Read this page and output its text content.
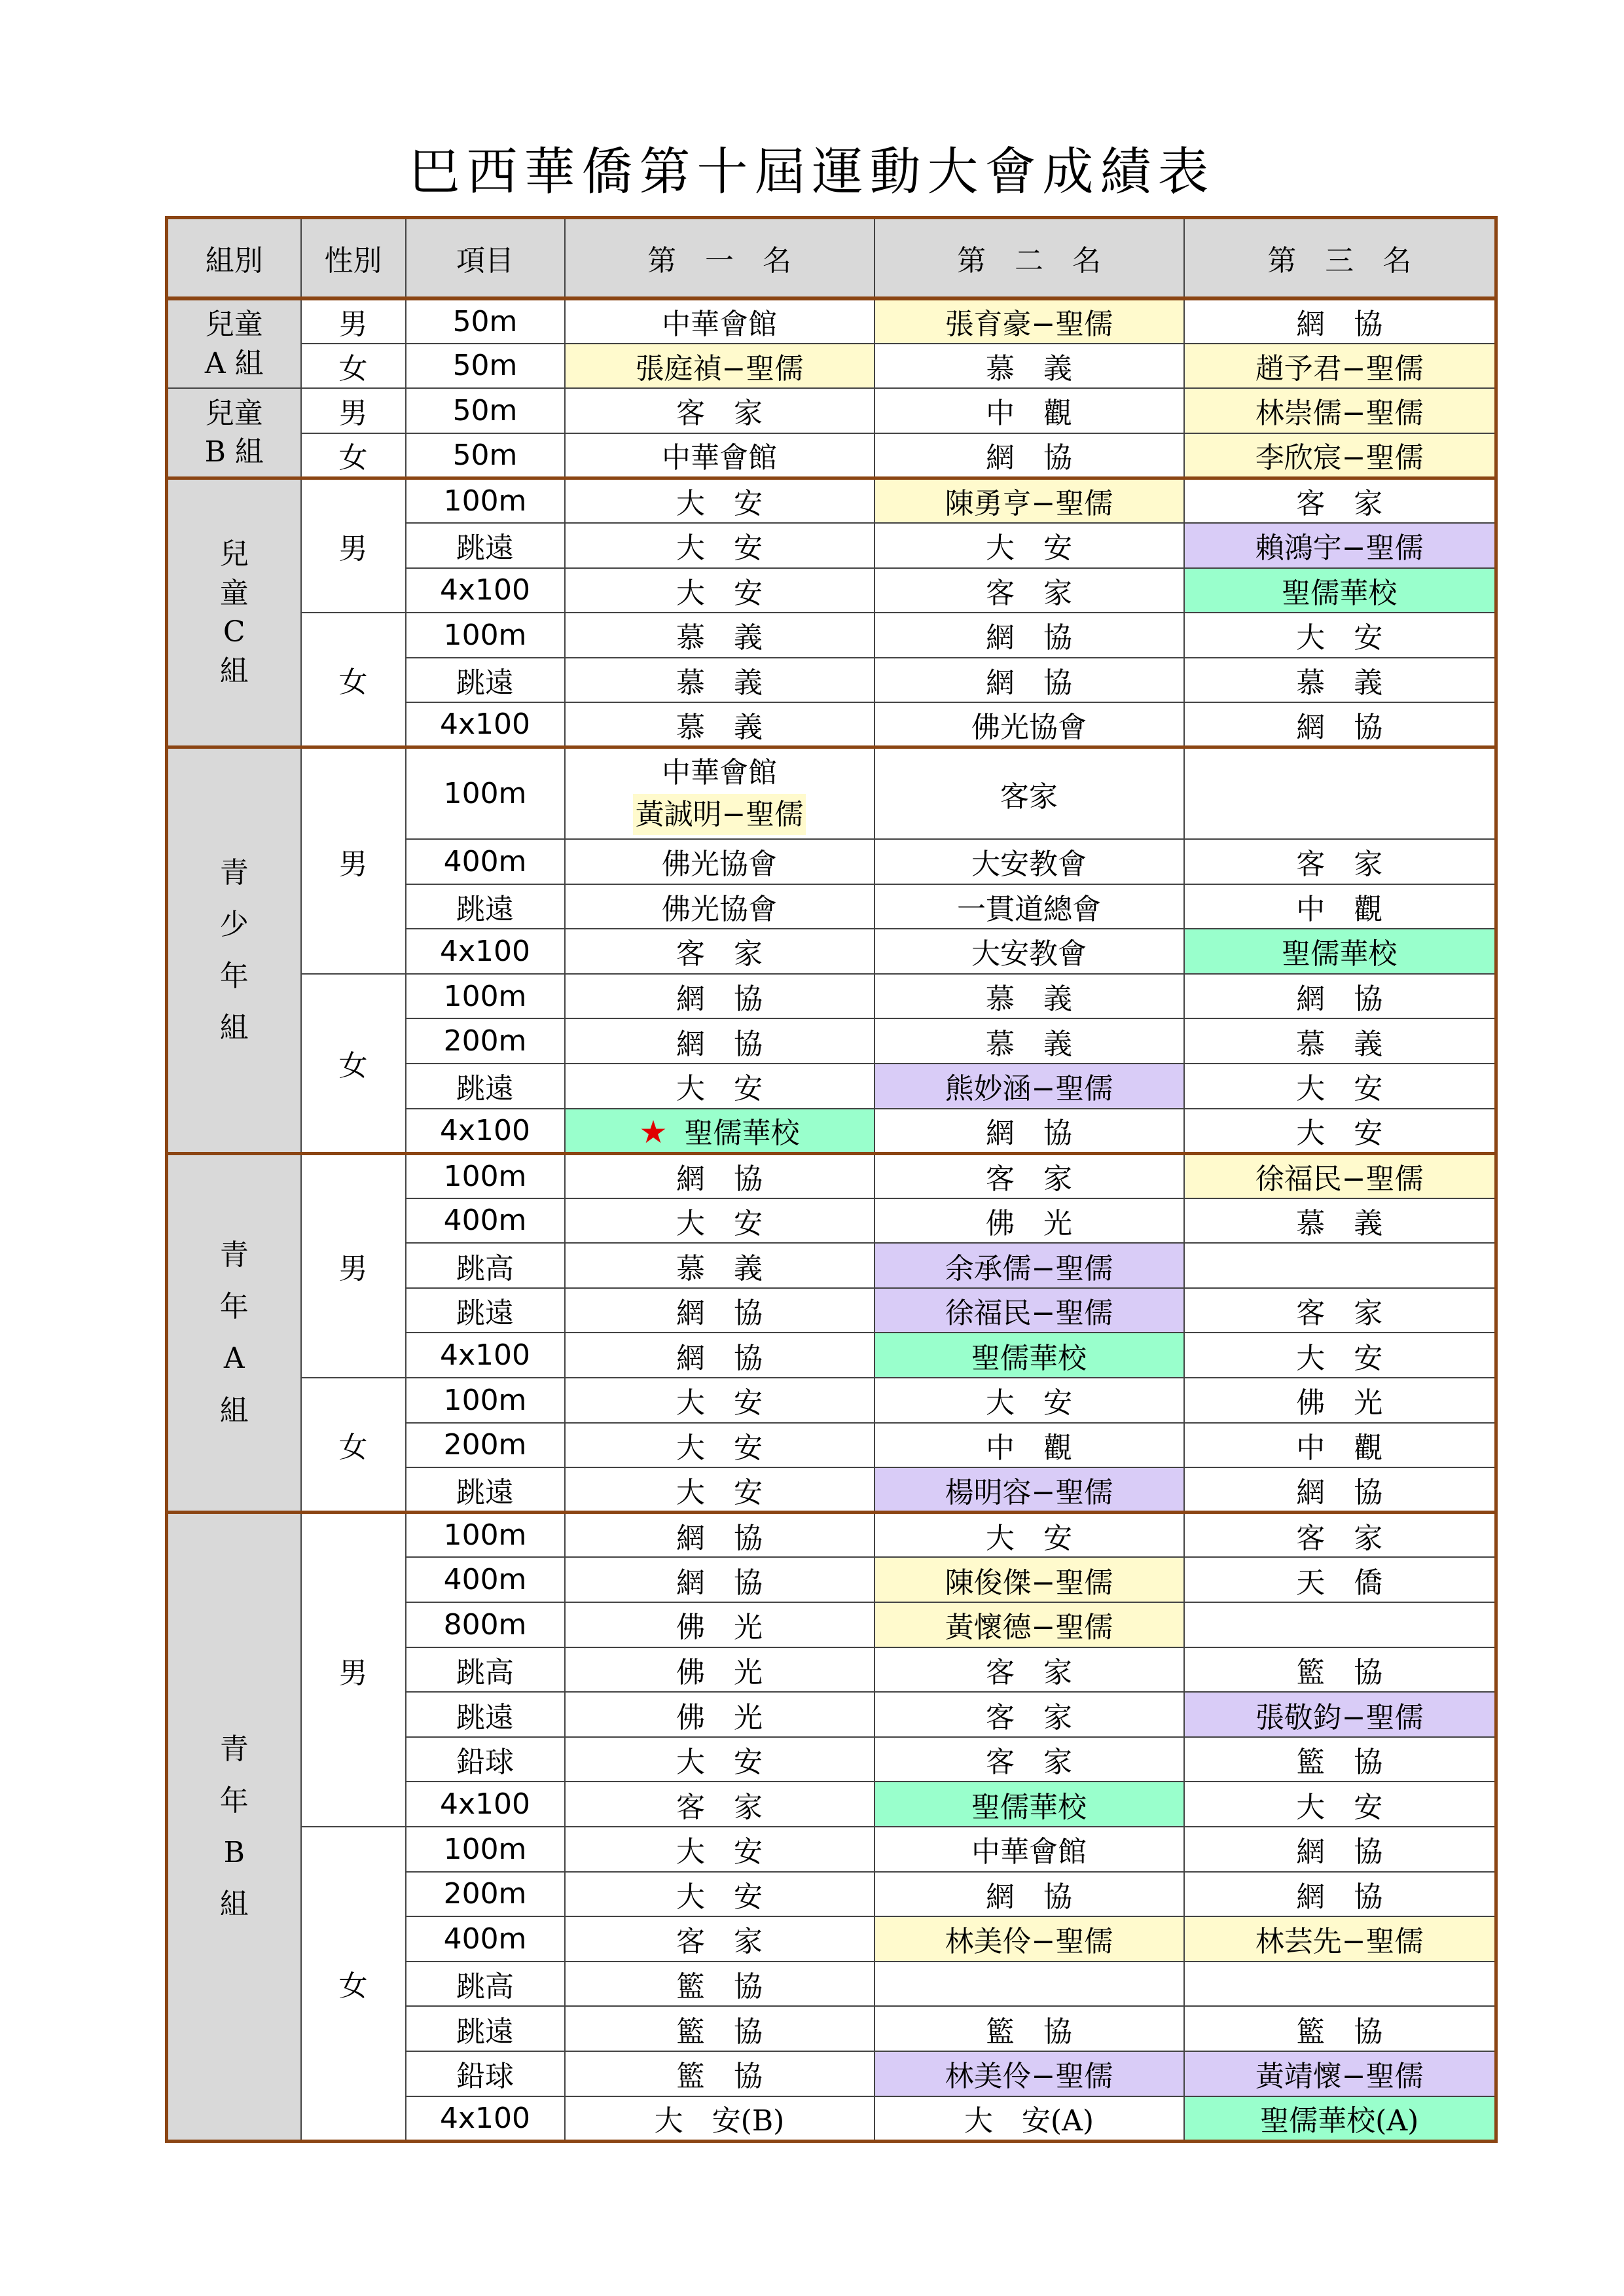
巴西華僑第十屆運動大會成績表
組別	性別	項目	第　一　名	第　二　名	第　三　名
兒童
A 組	男	50m	中華會館	張育豪−聖儒	網　協
	女	50m	張庭禎−聖儒	慕　義	趙予君−聖儒
兒童
B 組	男	50m	客　家	中　觀	林崇儒−聖儒
	女	50m	中華會館	網　協	李欣宸−聖儒
兒
童
C
組	男	100m	大　安	陳勇亨−聖儒	客　家
		跳遠	大　安	大　安	賴鴻宇−聖儒
		4x100	大　安	客　家	聖儒華校
	女	100m	慕　義	網　協	大　安
		跳遠	慕　義	網　協	慕　義
		4x100	慕　義	佛光協會	網　協
青
少
年
組	男	100m	中華會館
黃誠明−聖儒	客家	
		400m	佛光協會	大安教會	客　家
		跳遠	佛光協會	一貫道總會	中　觀
		4x100	客　家	大安教會	聖儒華校
	女	100m	網　協	慕　義	網　協
		200m	網　協	慕　義	慕　義
		跳遠	大　安	熊妙涵−聖儒	大　安
		4x100	★ 聖儒華校	網　協	大　安
青
年
A
組	男	100m	網　協	客　家	徐福民−聖儒
		400m	大　安	佛　光	慕　義
		跳高	慕　義	余承儒−聖儒	
		跳遠	網　協	徐福民−聖儒	客　家
		4x100	網　協	聖儒華校	大　安
	女	100m	大　安	大　安	佛　光
		200m	大　安	中　觀	中　觀
		跳遠	大　安	楊明容−聖儒	網　協
青
年
B
組	男	100m	網　協	大　安	客　家
		400m	網　協	陳俊傑−聖儒	天　僑
		800m	佛　光	黃懷德−聖儒	
		跳高	佛　光	客　家	籃　協
		跳遠	佛　光	客　家	張敬鈞−聖儒
		鉛球	大　安	客　家	籃　協
		4x100	客　家	聖儒華校	大　安
	女	100m	大　安	中華會館	網　協
		200m	大　安	網　協	網　協
		400m	客　家	林美伶−聖儒	林芸先−聖儒
		跳高	籃　協		
		跳遠	籃　協	籃　協	籃　協
		鉛球	籃　協	林美伶−聖儒	黃靖懷−聖儒
		4x100	大　安(B)	大　安(A)	聖儒華校(A)
